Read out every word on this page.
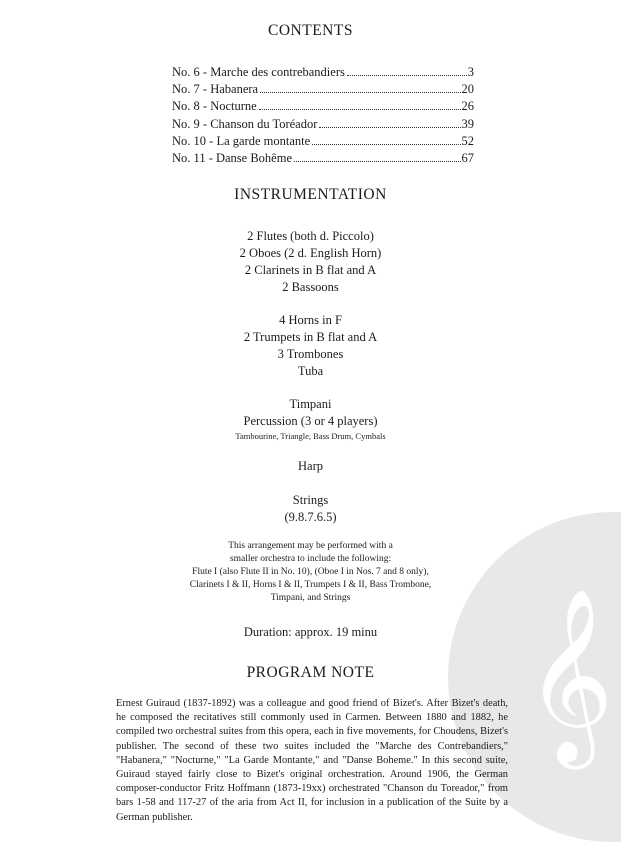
𝄞
CONTENTS
No. 6 - Marche des contrebandiers	3
No. 7 - Habanera	20
No. 8 - Nocturne	26
No. 9 - Chanson du Toréador	39
No. 10 - La garde montante	52
No. 11 - Danse Bohême	67
INSTRUMENTATION
2 Flutes (both d. Piccolo)
2 Oboes (2 d. English Horn)
2 Clarinets in B flat and A
2 Bassoons
4 Horns in F
2 Trumpets in B flat and A
3 Trombones
Tuba
Timpani
Percussion (3 or 4 players)
Tambourine, Triangle, Bass Drum, Cymbals
Harp
Strings
(9.8.7.6.5)
This arrangement may be performed with a
smaller orchestra to include the following:
Flute I (also Flute II in No. 10), (Oboe I in Nos. 7 and 8 only),
Clarinets I & II, Horns I & II, Trumpets I & II, Bass Trombone,
Timpani, and Strings
Duration: approx. 19 minu
PROGRAM NOTE
Ernest Guiraud (1837-1892) was a colleague and good friend of Bizet's. After Bizet's death, he composed the recitatives still commonly used in Carmen. Between 1880 and 1882, he compiled two orchestral suites from this opera, each in five movements, for Choudens, Bizet's publisher. The second of these two suites included the "Marche des Contrebandiers," "Habanera," "Nocturne," "La Garde Montante," and "Danse Boheme." In this second suite, Guiraud stayed fairly close to Bizet's original orchestration. Around 1906, the German composer-conductor Fritz Hoffmann (1873-19xx) orchestrated "Chanson du Toreador," from bars 1-58 and 117-27 of the aria from Act II, for inclusion in a publication of the Suite by a German publisher.
